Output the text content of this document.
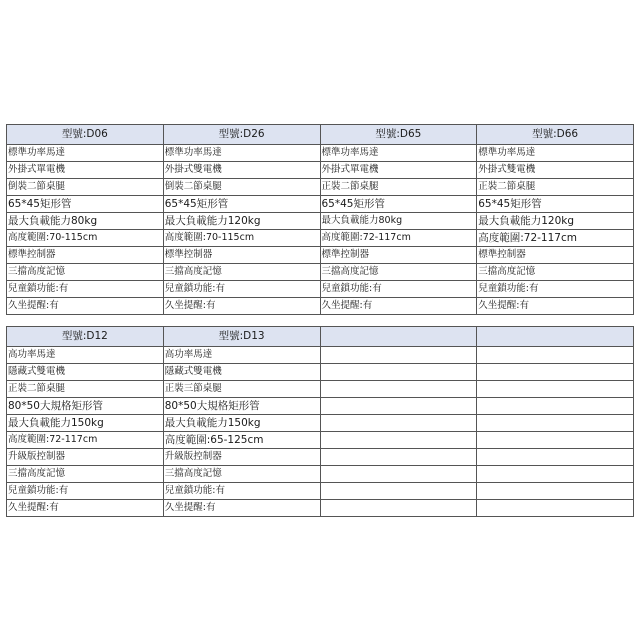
型號:D06	型號:D26	型號:D65	型號:D66
標準功率馬達	標準功率馬達	標準功率馬達	標準功率馬達
外掛式單電機	外掛式雙電機	外掛式單電機	外掛式雙電機
倒裝二節桌腿	倒裝二節桌腿	正裝二節桌腿	正裝二節桌腿
65*45矩形管	65*45矩形管	65*45矩形管	65*45矩形管
最大負載能力80kg	最大負載能力120kg	最大負載能力80kg	最大負載能力120kg
高度範圍:70-115cm	高度範圍:70-115cm	高度範圍:72-117cm	高度範圍:72-117cm
標準控制器	標準控制器	標準控制器	標準控制器
三擋高度記憶	三擋高度記憶	三擋高度記憶	三擋高度記憶
兒童鎖功能:有	兒童鎖功能:有	兒童鎖功能:有	兒童鎖功能:有
久坐提醒:有	久坐提醒:有	久坐提醒:有	久坐提醒:有
型號:D12	型號:D13		
高功率馬達	高功率馬達		
隱藏式雙電機	隱藏式雙電機		
正裝二節桌腿	正裝三節桌腿		
80*50大規格矩形管	80*50大規格矩形管		
最大負載能力150kg	最大負載能力150kg		
高度範圍:72-117cm	高度範圍:65-125cm		
升級版控制器	升級版控制器		
三擋高度記憶	三擋高度記憶		
兒童鎖功能:有	兒童鎖功能:有		
久坐提醒:有	久坐提醒:有		
